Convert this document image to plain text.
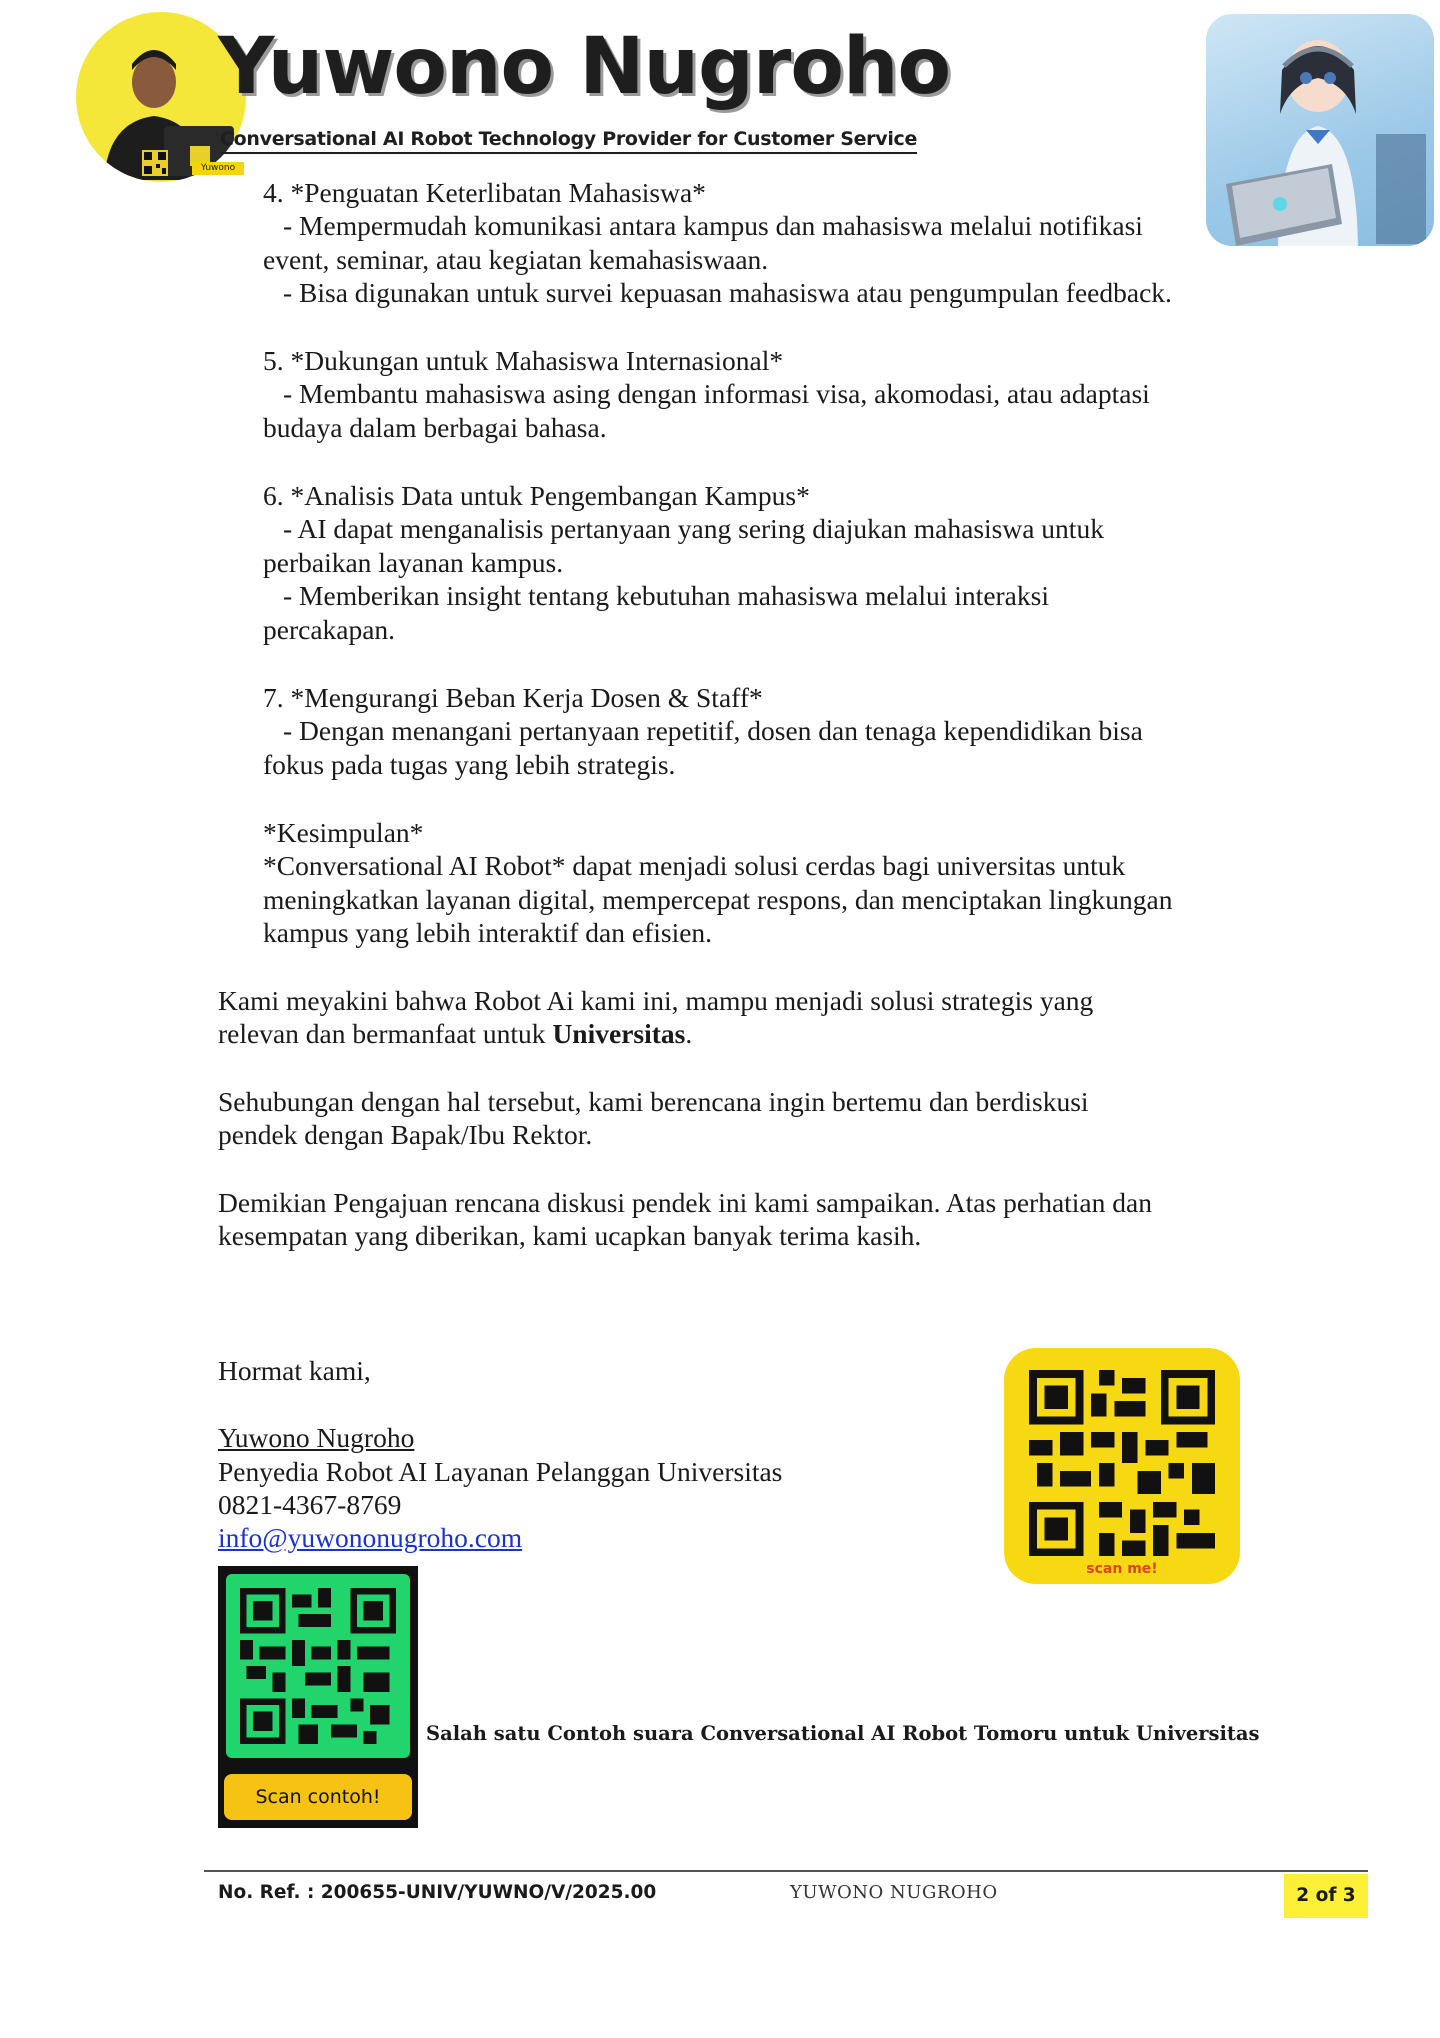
Yuwono
Yuwono Nugroho
Conversational AI Robot Technology Provider for Customer Service
4. *Penguatan Keterlibatan Mahasiswa*
- Mempermudah komunikasi antara kampus dan mahasiswa melalui notifikasi
event, seminar, atau kegiatan kemahasiswaan.
- Bisa digunakan untuk survei kepuasan mahasiswa atau pengumpulan feedback.
5. *Dukungan untuk Mahasiswa Internasional*
- Membantu mahasiswa asing dengan informasi visa, akomodasi, atau adaptasi
budaya dalam berbagai bahasa.
6. *Analisis Data untuk Pengembangan Kampus*
- AI dapat menganalisis pertanyaan yang sering diajukan mahasiswa untuk
perbaikan layanan kampus.
- Memberikan insight tentang kebutuhan mahasiswa melalui interaksi
percakapan.
7. *Mengurangi Beban Kerja Dosen & Staff*
- Dengan menangani pertanyaan repetitif, dosen dan tenaga kependidikan bisa
fokus pada tugas yang lebih strategis.
*Kesimpulan*
*Conversational AI Robot* dapat menjadi solusi cerdas bagi universitas untuk
meningkatkan layanan digital, mempercepat respons, dan menciptakan lingkungan
kampus yang lebih interaktif dan efisien.
Kami meyakini bahwa Robot Ai kami ini, mampu menjadi solusi strategis yang
relevan dan bermanfaat untuk Universitas.
Sehubungan dengan hal tersebut, kami berencana ingin bertemu dan berdiskusi
pendek dengan Bapak/Ibu Rektor.
Demikian Pengajuan rencana diskusi pendek ini kami sampaikan. Atas perhatian dan
kesempatan yang diberikan, kami ucapkan banyak terima kasih.
Hormat kami,
Yuwono Nugroho
Penyedia Robot AI Layanan Pelanggan Universitas
0821-4367-8769
info@yuwononugroho.com
scan me!
Scan contoh!
Salah satu Contoh suara Conversational AI Robot Tomoru untuk Universitas
No. Ref. : 200655-UNIV/YUWNO/V/2025.00	YUWONO NUGROHO	2 of 3
